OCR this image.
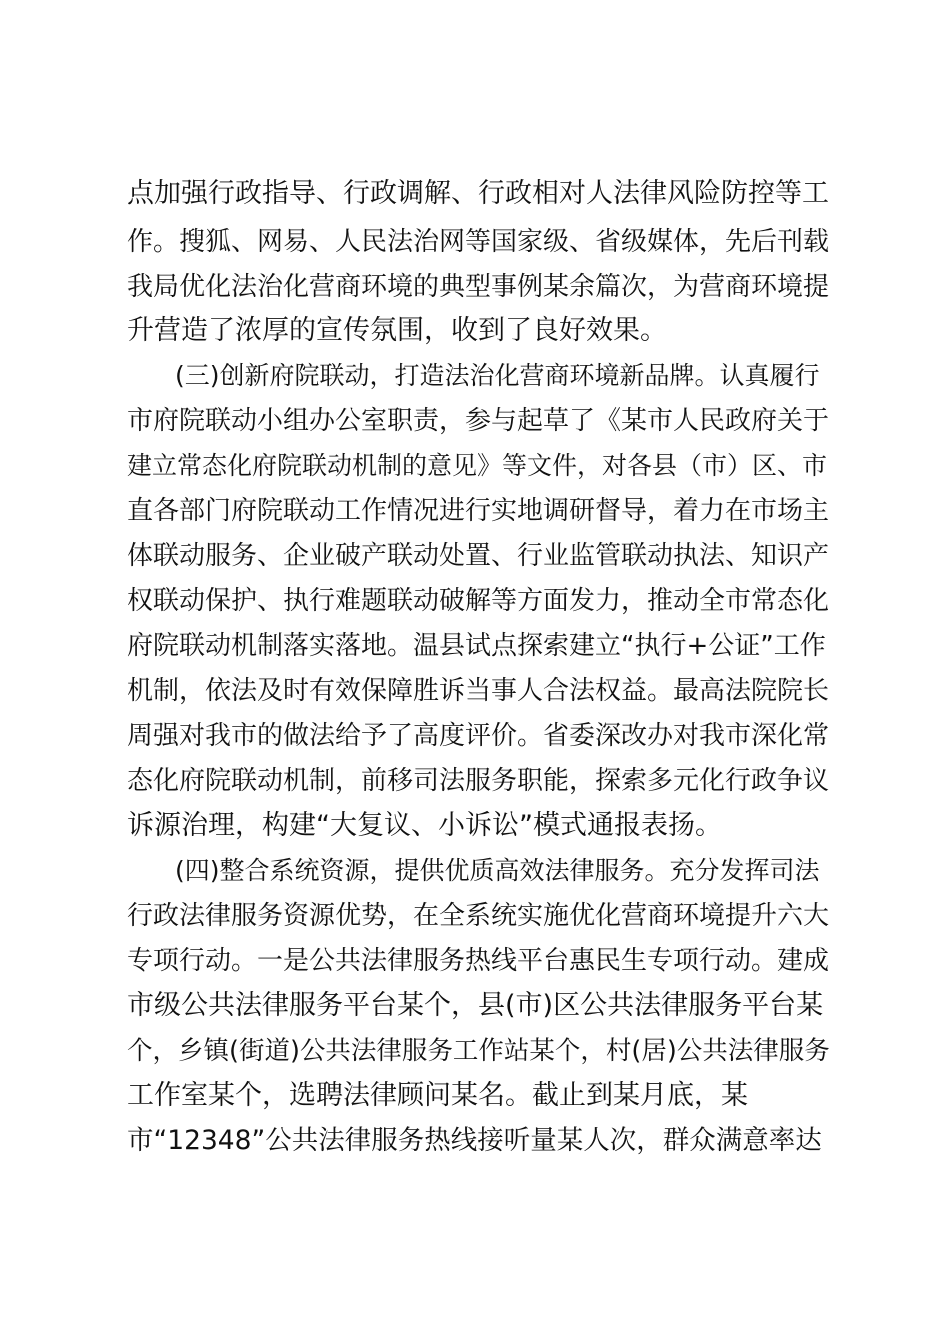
点加强行政指导、行政调解、行政相对人法律风险防控等工
作。搜狐、网易、人民法治网等国家级、省级媒体，先后刊载
我局优化法治化营商环境的典型事例某余篇次，为营商环境提
升营造了浓厚的宣传氛围，收到了良好效果。
(三)创新府院联动，打造法治化营商环境新品牌。认真履行
市府院联动小组办公室职责，参与起草了《某市人民政府关于
建立常态化府院联动机制的意见》等文件，对各县（市）区、市
直各部门府院联动工作情况进行实地调研督导，着力在市场主
体联动服务、企业破产联动处置、行业监管联动执法、知识产
权联动保护、执行难题联动破解等方面发力，推动全市常态化
府院联动机制落实落地。温县试点探索建立“执行+公证”工作
机制，依法及时有效保障胜诉当事人合法权益。最高法院院长
周强对我市的做法给予了高度评价。省委深改办对我市深化常
态化府院联动机制，前移司法服务职能，探索多元化行政争议
诉源治理，构建“大复议、小诉讼”模式通报表扬。
(四)整合系统资源，提供优质高效法律服务。充分发挥司法
行政法律服务资源优势，在全系统实施优化营商环境提升六大
专项行动。一是公共法律服务热线平台惠民生专项行动。建成
市级公共法律服务平台某个，县(市)区公共法律服务平台某
个，乡镇(街道)公共法律服务工作站某个，村(居)公共法律服务
工作室某个，选聘法律顾问某名。截止到某月底，某
市“12348”公共法律服务热线接听量某人次，群众满意率达
